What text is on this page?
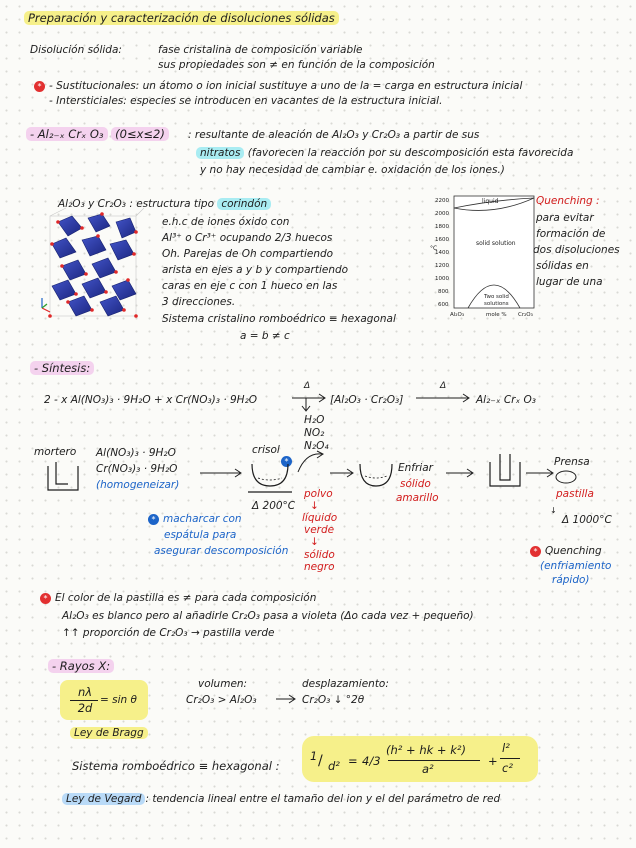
Preparación y caracterización de disoluciones sólidas
Disolución sólida:	fase cristalina de composición variable
sus propiedades son ≠ en función de la composición
* - Sustitucionales: un átomo o ion inicial sustituye a uno de la = carga en estructura inicial
- Intersticiales: especies se introducen en vacantes de la estructura inicial.
- Al₂₋ₓ Crₓ O₃ (0≤x≤2)	: resultante de aleación de Al₂O₃ y Cr₂O₃ a partir de sus
nitratos (favorecen la reacción por su descomposición esta favorecida
y no hay necesidad de cambiar e. oxidación de los iones.)
Al₂O₃ y Cr₂O₃ : estructura tipo corindón
e.h.c de iones óxido con
Al³⁺ o Cr³⁺ ocupando 2/3 huecos
Oh. Parejas de Oh compartiendo
arista en ejes a y b y compartiendo
caras en eje c con 1 hueco en las
3 direcciones.
Sistema cristalino romboédrico ≡ hexagonal
a = b ≠ c
liquid
solid solution
Two solid
solutions
°C
2200
2000
1800
1600
1400
1200
1000
800
600
Al₂O₃	mole % Cr₂O₃
Quenching :
para evitar
formación de
dos disoluciones
sólidas en
lugar de una
- Síntesis:
2 - x Al(NO₃)₃ · 9H₂O + x Cr(NO₃)₃ · 9H₂O
Δ
[Al₂O₃ · Cr₂O₃]
Δ
Al₂₋ₓ Crₓ O₃
H₂O
NO₂
N₂O₄
mortero Al(NO₃)₃ · 9H₂O
Cr(NO₃)₃ · 9H₂O
(homogeneizar)
crisol
*
Δ 200°C
* macharcar con
espátula para
asegurar descomposición
polvo
↓
líquido
verde
↓
sólido
negro
Enfriar
sólido
amarillo
Prensa
pastilla
↓
Δ 1000°C
* Quenching
(enfriamiento
rápido)
* El color de la pastilla es ≠ para cada composición
Al₂O₃ es blanco pero al añadirle Cr₂O₃ pasa a violeta (Δo cada vez + pequeño)
↑↑ proporción de Cr₂O₃ → pastilla verde
- Rayos X:
nλ
2d
= sin θ
volumen:
Cr₂O₃ > Al₂O₃
desplazamiento:
Cr₂O₃ ↓ °2θ
Ley de Bragg
Sistema romboédrico ≡ hexagonal :
1 / d² = 4/3
(h² + hk + k²)
a²
+
l²
c²
Ley de Vegard : tendencia lineal entre el tamaño del ion y el del parámetro de red
